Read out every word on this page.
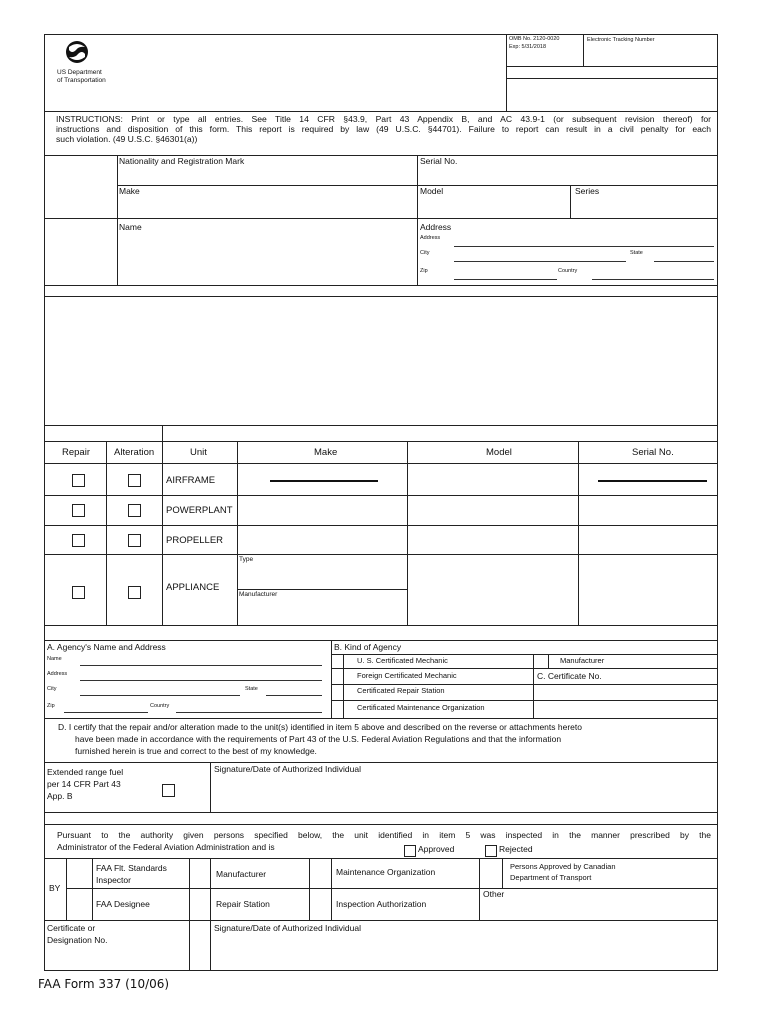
US Department
of Transportation
OMB No. 2120-0020
Exp: 5/31/2018
Electronic Tracking Number
INSTRUCTIONS: Print or type all entries. See Title 14 CFR §43.9, Part 43 Appendix B, and AC 43.9-1 (or subsequent revision thereof) for
instructions and disposition of this form. This report is required by law (49 U.S.C. §44701). Failure to report can result in a civil penalty for each
such violation. (49 U.S.C. §46301(a))
Nationality and Registration Mark	Serial No.
Make	Model	Series
Name	Address
Address
City	State
Zip	Country
Repair	Alteration	Unit	Make	Model	Serial No.
AIRFRAME
POWERPLANT
PROPELLER
APPLIANCE
Type
Manufacturer
A. Agency's Name and Address	B. Kind of Agency
Name
Address
City	State
Zip	Country
U. S. Certificated Mechanic
Foreign Certificated Mechanic
Certificated Repair Station
Certificated Maintenance Organization
Manufacturer
C. Certificate No.
D. I certify that the repair and/or alteration made to the unit(s) identified in item 5 above and described on the reverse or attachments hereto
have been made in accordance with the requirements of Part 43 of the U.S. Federal Aviation Regulations and that the information
furnished herein is true and correct to the best of my knowledge.
Extended range fuel
per 14 CFR Part 43
App. B
Signature/Date of Authorized Individual
Pursuant to the authority given persons specified below, the unit identified in item 5 was inspected in the manner prescribed by the
Administrator of the Federal Aviation Administration and is	Approved	Rejected
BY
FAA Flt. Standards
Inspector
Manufacturer	Maintenance Organization
Persons Approved by Canadian
Department of Transport
FAA Designee	Repair Station	Inspection Authorization
Other
Certificate or
Designation No.
Signature/Date of Authorized Individual
FAA Form 337 (10/06)
